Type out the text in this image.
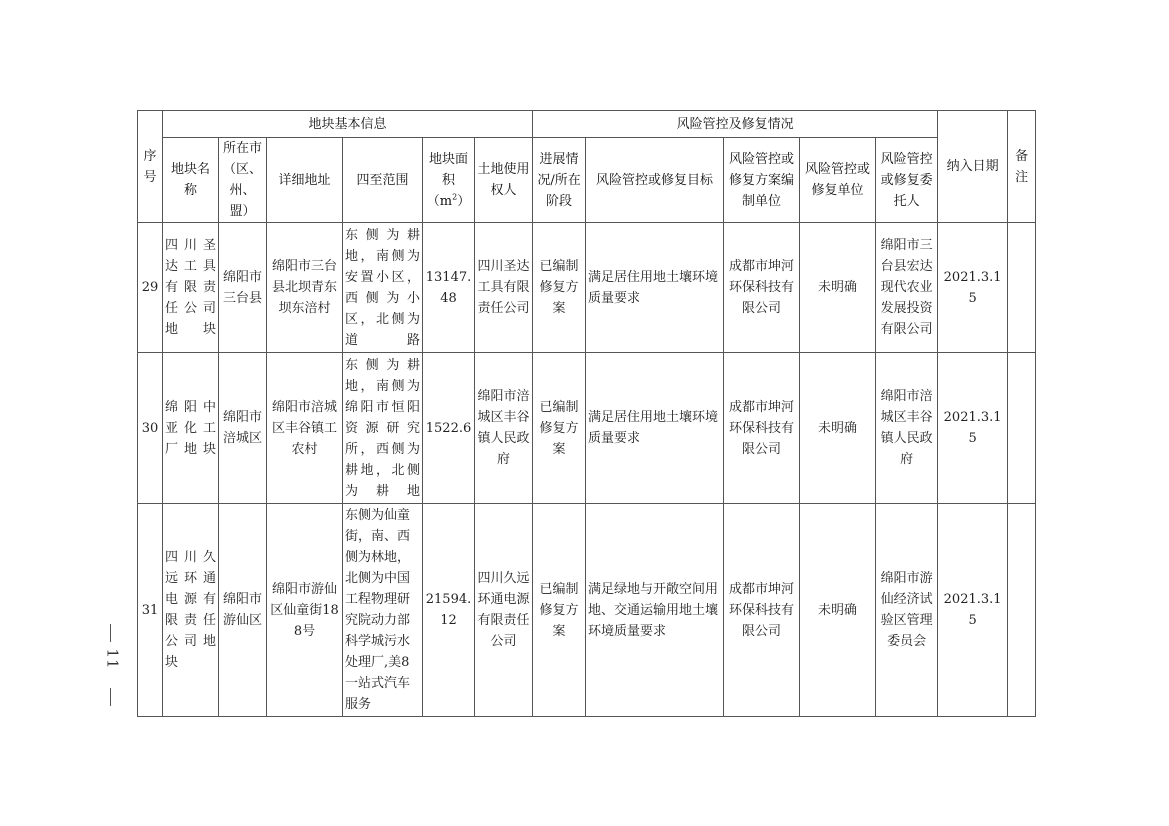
11
序号	地块基本信息						风险管控及修复情况					纳入日期	备注
	地块名称	所在市（区、州、盟）	详细地址	四至范围	地块面积
$(m^2)$	土地使用权人	进展情况/所在阶段	风险管控或修复目标	风险管控或修复方案编制单位	风险管控或修复单位	风险管控或修复委托人		
29	四川圣达工具有限责任公司地块	绵阳市三台县	绵阳市三台县北坝青东坝东涪村	东侧为耕地，南侧为安置小区，西侧为小区，北侧为道路	13147.48	四川圣达工具有限责任公司	已编制修复方案	满足居住用地土壤环境质量要求	成都市坤河环保科技有限公司	未明确	绵阳市三台县宏达现代农业发展投资有限公司	2021.3.15	
30	绵阳中亚化工厂地块	绵阳市涪城区	绵阳市涪城区丰谷镇工农村	东侧为耕地，南侧为绵阳市恒阳资源研究所，西侧为耕地，北侧为耕地	1522.6	绵阳市涪城区丰谷镇人民政府	已编制修复方案	满足居住用地土壤环境质量要求	成都市坤河环保科技有限公司	未明确	绵阳市涪城区丰谷镇人民政府	2021.3.15	
31	四川久远环通电源有限责任公司地块	绵阳市游仙区	绵阳市游仙区仙童街188号	东侧为仙童街，南、西侧为林地，北侧为中国工程物理研究院动力部科学城污水处理厂,美8一站式汽车服务	21594.12	四川久远环通电源有限责任公司	已编制修复方案	满足绿地与开敞空间用地、交通运输用地土壤环境质量要求	成都市坤河环保科技有限公司	未明确	绵阳市游仙经济试验区管理委员会	2021.3.15	
